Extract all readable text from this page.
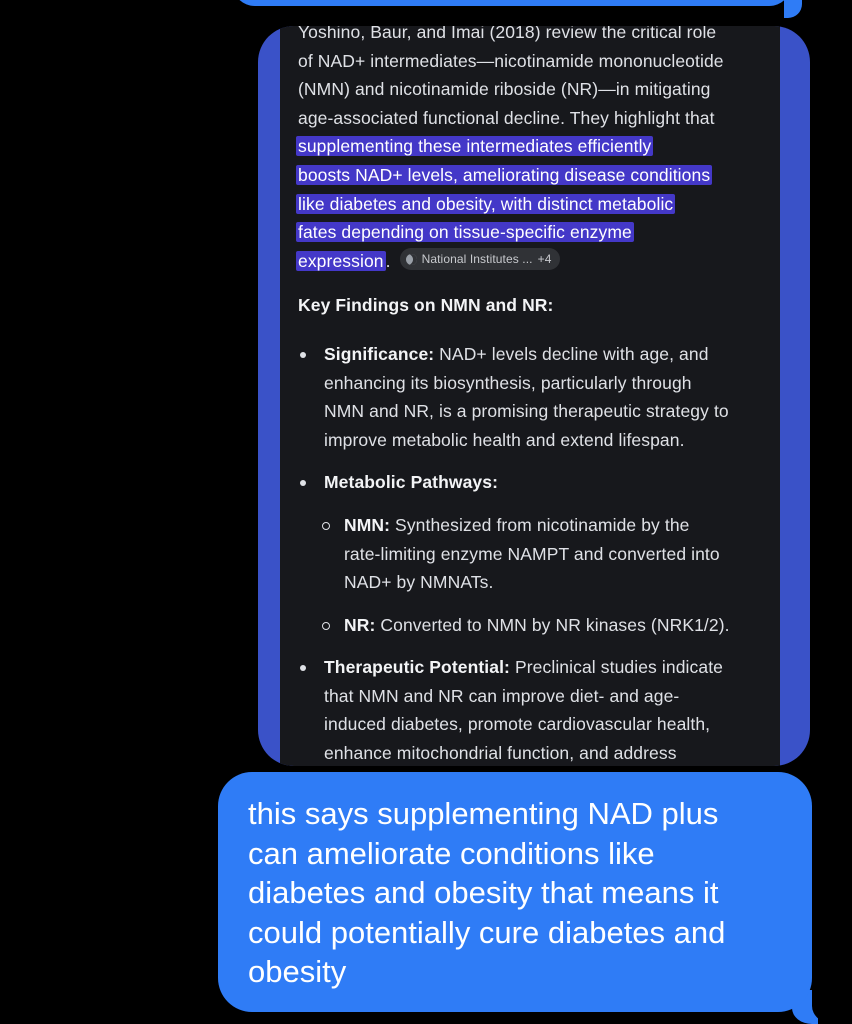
Yoshino, Baur, and Imai (2018) review the critical role
of NAD+ intermediates—nicotinamide mononucleotide
(NMN) and nicotinamide riboside (NR)—in mitigating
age-associated functional decline. They highlight that
supplementing these intermediates efficiently
boosts NAD+ levels, ameliorating disease conditions
like diabetes and obesity, with distinct metabolic
fates depending on tissue-specific enzyme
expression .	National Institutes ... +4
Key Findings on NMN and NR:
Significance: NAD+ levels decline with age, and
enhancing its biosynthesis, particularly through
NMN and NR, is a promising therapeutic strategy to
improve metabolic health and extend lifespan.
Metabolic Pathways:
NMN: Synthesized from nicotinamide by the
rate-limiting enzyme NAMPT and converted into
NAD+ by NMNATs.
NR: Converted to NMN by NR kinases (NRK1/2).
Therapeutic Potential: Preclinical studies indicate
that NMN and NR can improve diet- and age-
induced diabetes, promote cardiovascular health,
enhance mitochondrial function, and address
this says supplementing NAD plus
can ameliorate conditions like
diabetes and obesity that means it
could potentially cure diabetes and
obesity
